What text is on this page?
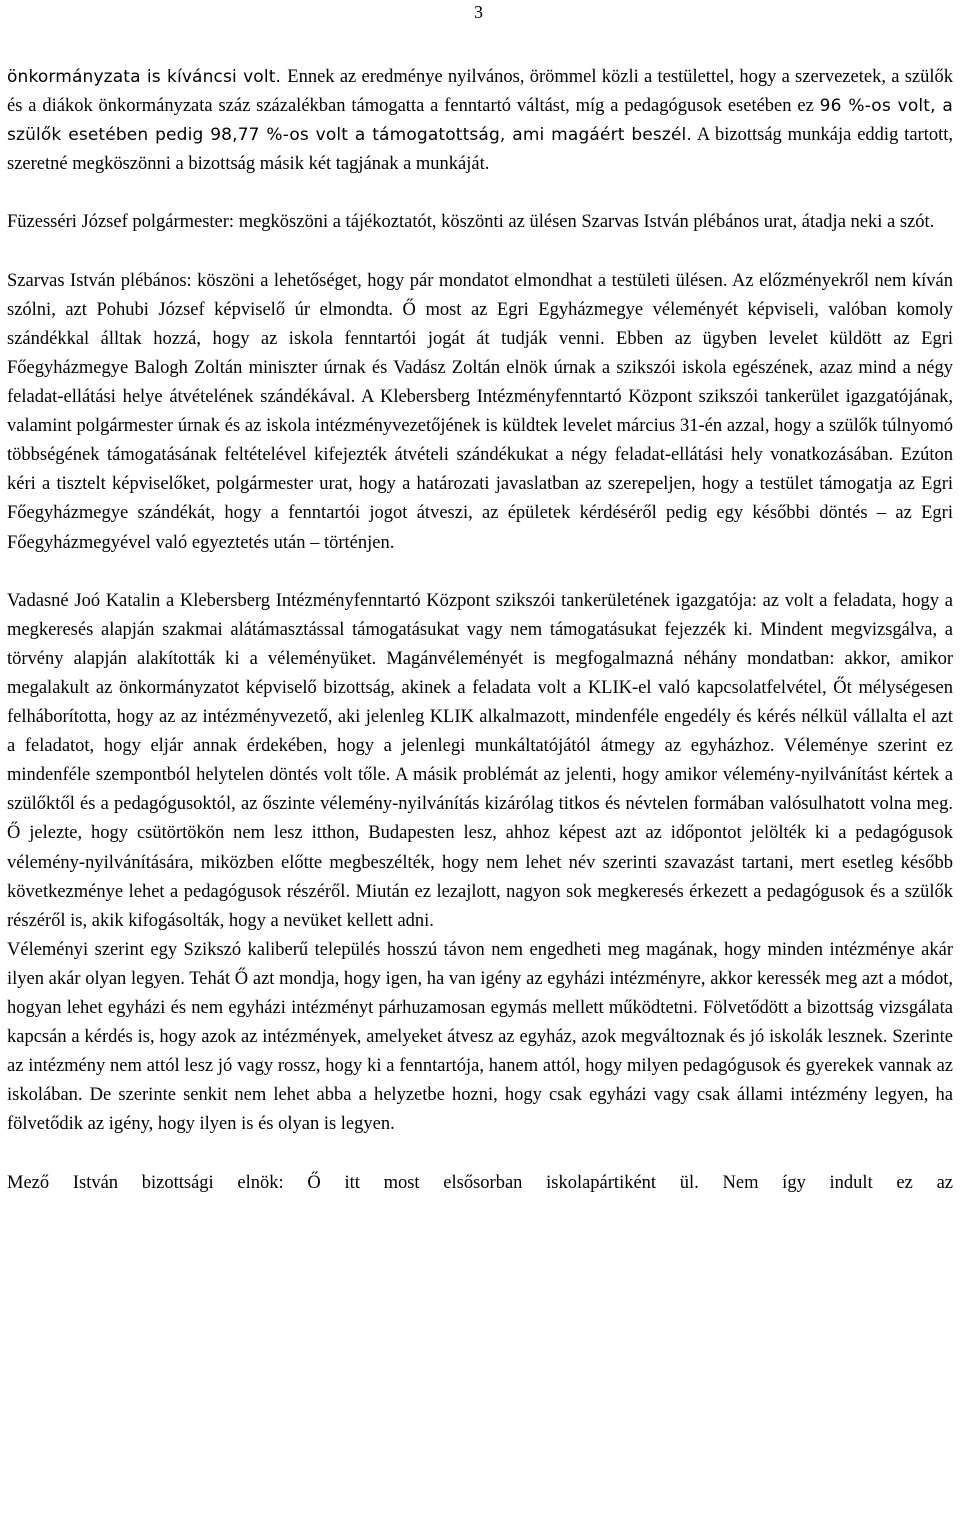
3

önkormányzata is kíváncsi volt. Ennek az eredménye nyilvános, örömmel közli a testülettel, hogy a szervezetek, a szülők és a diákok önkormányzata száz százalékban támogatta a fenntartó váltást, míg a pedagógusok esetében ez 96 %-os volt, a szülők esetében pedig 98,77 %-os volt a támogatottság, ami magáért beszél. A bizottság munkája eddig tartott, szeretné megköszönni a bizottság másik két tagjának a munkáját.

Füzesséri József polgármester: megköszöni a tájékoztatót, köszönti az ülésen Szarvas István plébános urat, átadja neki a szót.

Szarvas István plébános: köszöni a lehetőséget, hogy pár mondatot elmondhat a testületi ülésen. Az előzményekről nem kíván szólni, azt Pohubi József képviselő úr elmondta. Ő most az Egri Egyházmegye véleményét képviseli, valóban komoly szándékkal álltak hozzá, hogy az iskola fenntartói jogát át tudják venni. Ebben az ügyben levelet küldött az Egri Főegyházmegye Balogh Zoltán miniszter úrnak és Vadász Zoltán elnök úrnak a szikszói iskola egészének, azaz mind a négy feladat-ellátási helye átvételének szándékával. A Klebersberg Intézményfenntartó Központ szikszói tankerület igazgatójának, valamint polgármester úrnak és az iskola intézményvezetőjének is küldtek levelet március 31-én azzal, hogy a szülők túlnyomó többségének támogatásának feltételével kifejezték átvételi szándékukat a négy feladat-ellátási hely vonatkozásában. Ezúton kéri a tisztelt képviselőket, polgármester urat, hogy a határozati javaslatban az szerepeljen, hogy a testület támogatja az Egri Főegyházmegye szándékát, hogy a fenntartói jogot átveszi, az épületek kérdéséről pedig egy későbbi döntés – az Egri Főegyházmegyével való egyeztetés után – történjen.

Vadasné Joó Katalin a Klebersberg Intézményfenntartó Központ szikszói tankerületének igazgatója: az volt a feladata, hogy a megkeresés alapján szakmai alátámasztással támogatásukat vagy nem támogatásukat fejezzék ki. Mindent megvizsgálva, a törvény alapján alakították ki a véleményüket. Magánvéleményét is megfogalmazná néhány mondatban: akkor, amikor megalakult az önkormányzatot képviselő bizottság, akinek a feladata volt a KLIK-el való kapcsolatfelvétel, Őt mélységesen felháborította, hogy az az intézményvezető, aki jelenleg KLIK alkalmazott, mindenféle engedély és kérés nélkül vállalta el azt a feladatot, hogy eljár annak érdekében, hogy a jelenlegi munkáltatójától átmegy az egyházhoz. Véleménye szerint ez mindenféle szempontból helytelen döntés volt tőle. A másik problémát az jelenti, hogy amikor vélemény-nyilvánítást kértek a szülőktől és a pedagógusoktól, az őszinte vélemény-nyilvánítás kizárólag titkos és névtelen formában valósulhatott volna meg. Ő jelezte, hogy csütörtökön nem lesz itthon, Budapesten lesz, ahhoz képest azt az időpontot jelölték ki a pedagógusok vélemény-nyilvánítására, miközben előtte megbeszélték, hogy nem lehet név szerinti szavazást tartani, mert esetleg később következménye lehet a pedagógusok részéről. Miután ez lezajlott, nagyon sok megkeresés érkezett a pedagógusok és a szülők részéről is, akik kifogásolták, hogy a nevüket kellett adni.

Véleményi szerint egy Szikszó kaliberű település hosszú távon nem engedheti meg magának, hogy minden intézménye akár ilyen akár olyan legyen. Tehát Ő azt mondja, hogy igen, ha van igény az egyházi intézményre, akkor keressék meg azt a módot, hogyan lehet egyházi és nem egyházi intézményt párhuzamosan egymás mellett működtetni. Fölvetődött a bizottság vizsgálata kapcsán a kérdés is, hogy azok az intézmények, amelyeket átvesz az egyház, azok megváltoznak és jó iskolák lesznek. Szerinte az intézmény nem attól lesz jó vagy rossz, hogy ki a fenntartója, hanem attól, hogy milyen pedagógusok és gyerekek vannak az iskolában. De szerinte senkit nem lehet abba a helyzetbe hozni, hogy csak egyházi vagy csak állami intézmény legyen, ha fölvetődik az igény, hogy ilyen is és olyan is legyen.

Mező István bizottsági elnök: Ő itt most elsősorban iskolapártiként ül. Nem így indult ez az
